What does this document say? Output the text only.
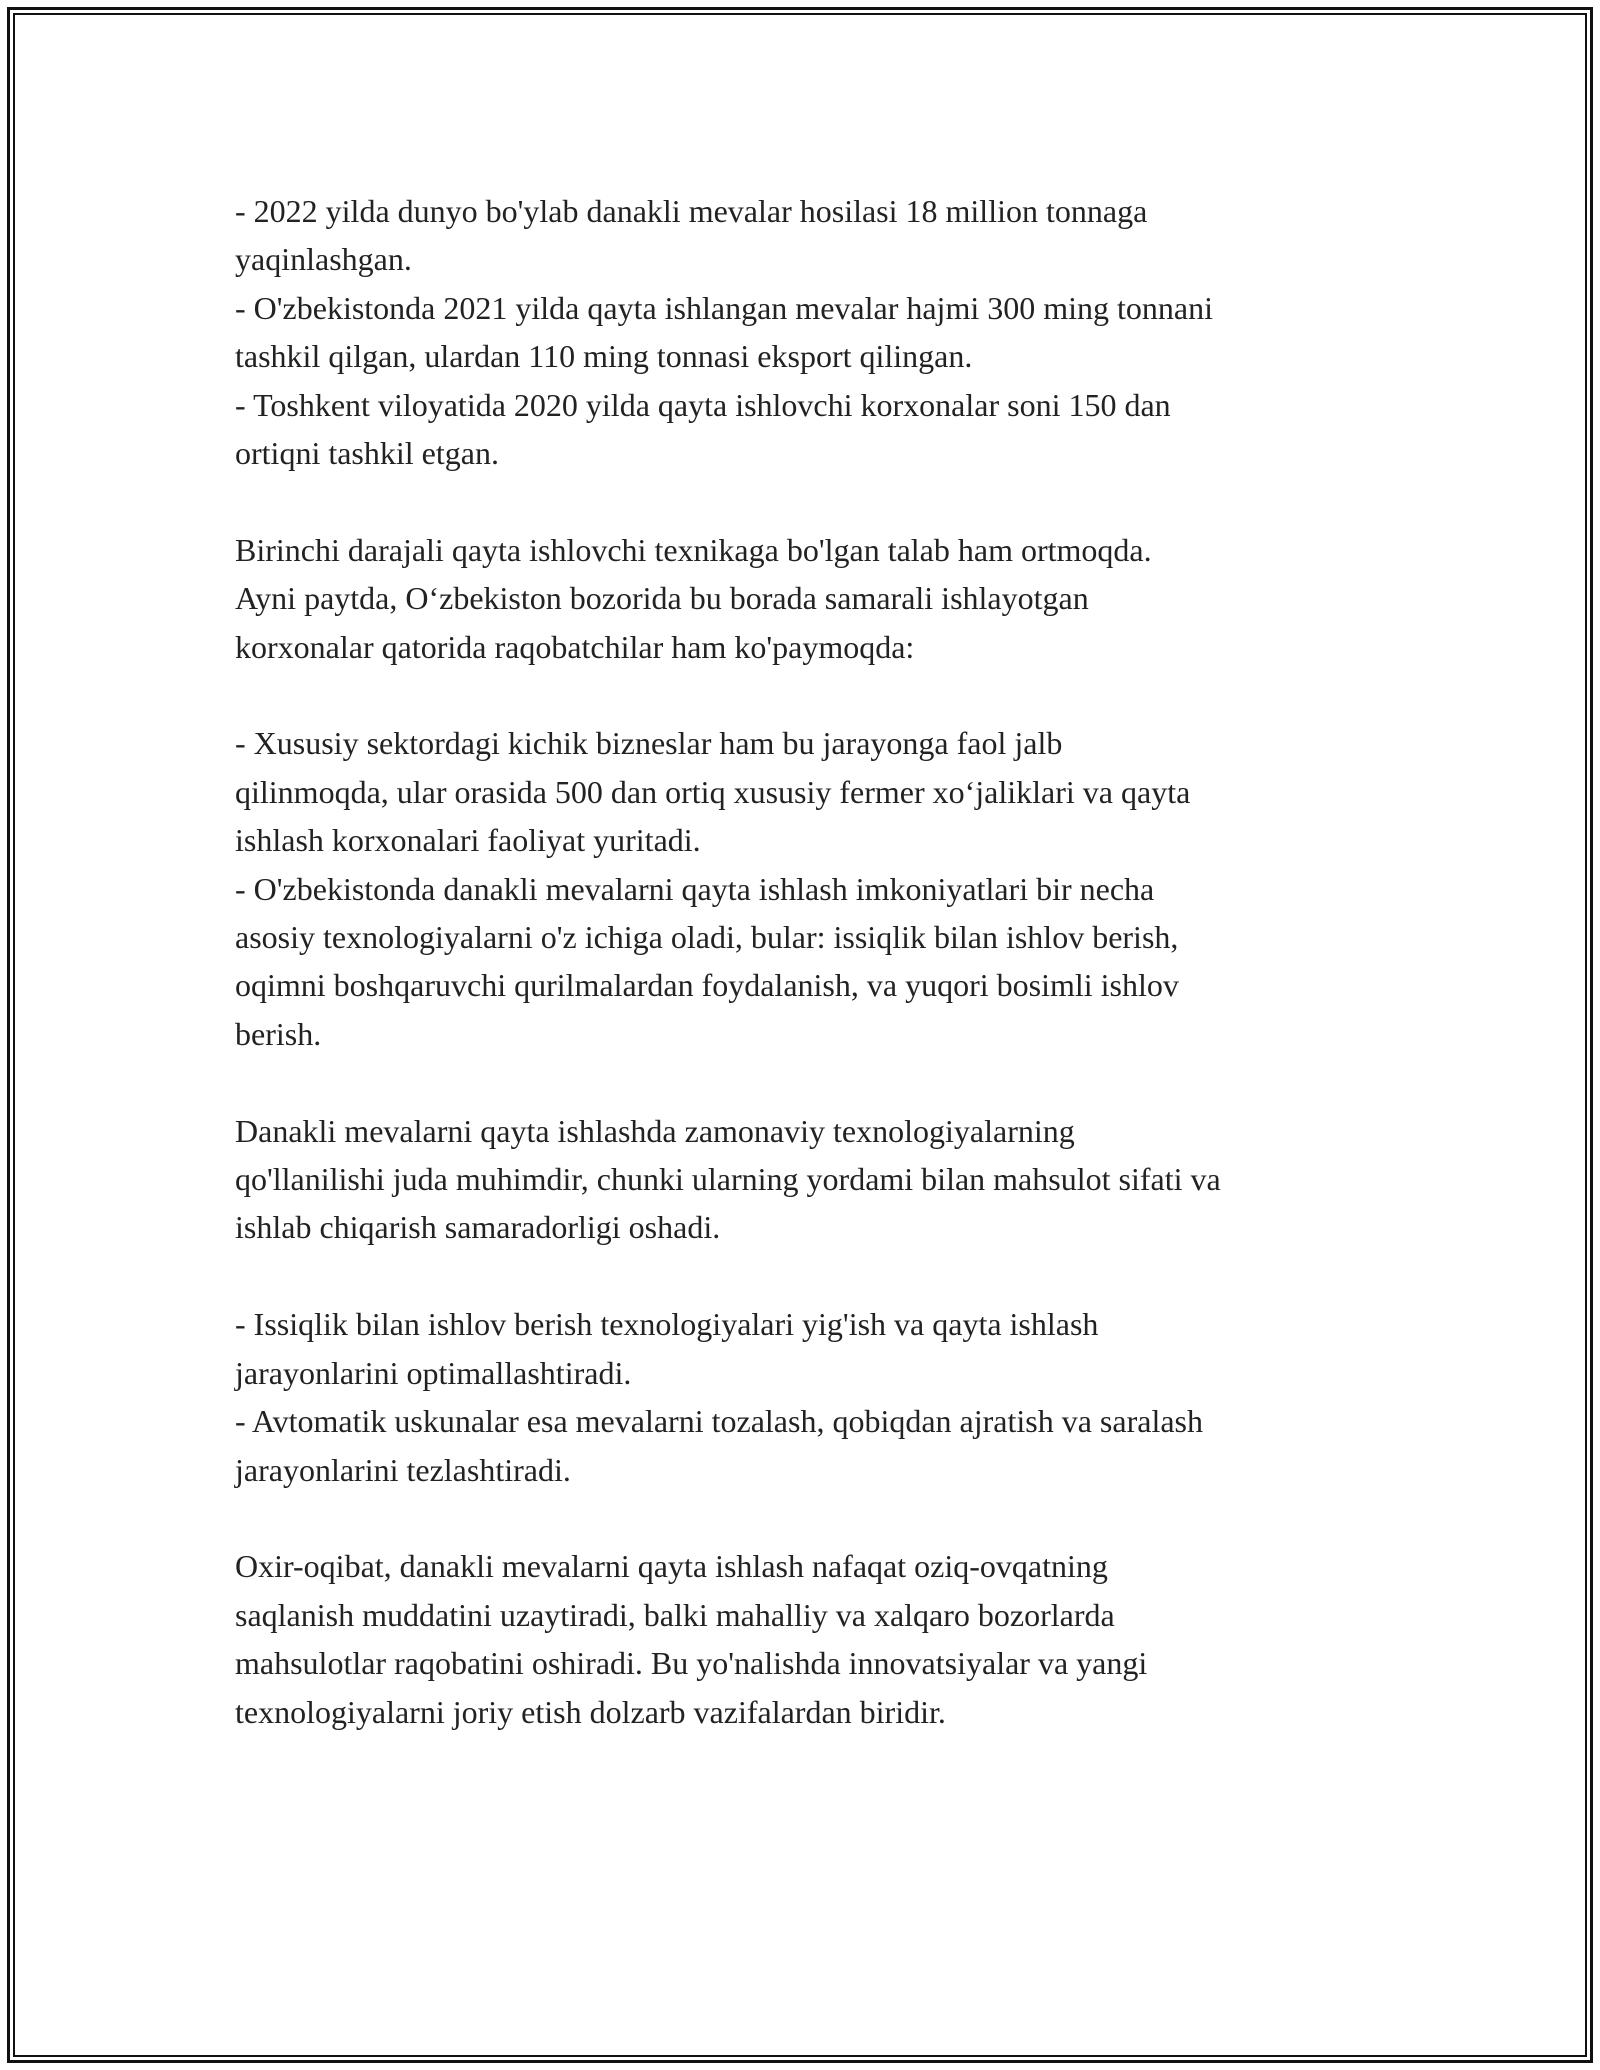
- 2022 yilda dunyo bo'ylab danakli mevalar hosilasi 18 million tonnaga
yaqinlashgan.
- O'zbekistonda 2021 yilda qayta ishlangan mevalar hajmi 300 ming tonnani
tashkil qilgan, ulardan 110 ming tonnasi eksport qilingan.
- Toshkent viloyatida 2020 yilda qayta ishlovchi korxonalar soni 150 dan
ortiqni tashkil etgan.
Birinchi darajali qayta ishlovchi texnikaga bo'lgan talab ham ortmoqda.
Ayni paytda, O‘zbekiston bozorida bu borada samarali ishlayotgan
korxonalar qatorida raqobatchilar ham ko'paymoqda:
- Xususiy sektordagi kichik bizneslar ham bu jarayonga faol jalb
qilinmoqda, ular orasida 500 dan ortiq xususiy fermer xo‘jaliklari va qayta
ishlash korxonalari faoliyat yuritadi.
- O'zbekistonda danakli mevalarni qayta ishlash imkoniyatlari bir necha
asosiy texnologiyalarni o'z ichiga oladi, bular: issiqlik bilan ishlov berish,
oqimni boshqaruvchi qurilmalardan foydalanish, va yuqori bosimli ishlov
berish.
Danakli mevalarni qayta ishlashda zamonaviy texnologiyalarning
qo'llanilishi juda muhimdir, chunki ularning yordami bilan mahsulot sifati va
ishlab chiqarish samaradorligi oshadi.
- Issiqlik bilan ishlov berish texnologiyalari yig'ish va qayta ishlash
jarayonlarini optimallashtiradi.
- Avtomatik uskunalar esa mevalarni tozalash, qobiqdan ajratish va saralash
jarayonlarini tezlashtiradi.
Oxir-oqibat, danakli mevalarni qayta ishlash nafaqat oziq-ovqatning
saqlanish muddatini uzaytiradi, balki mahalliy va xalqaro bozorlarda
mahsulotlar raqobatini oshiradi. Bu yo'nalishda innovatsiyalar va yangi
texnologiyalarni joriy etish dolzarb vazifalardan biridir.
